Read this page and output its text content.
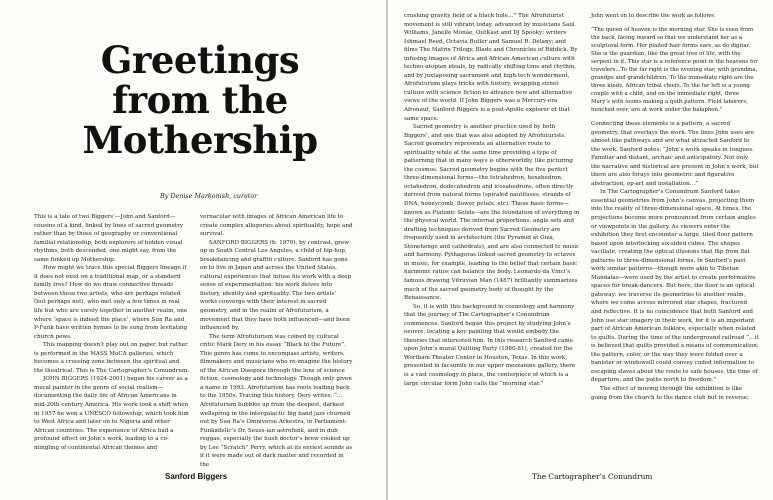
Greetings
from the
Mothership

By Denise Markonish, curator

This is a tale of two Biggers’—John and Sanford—cousins of a kind, linked by lines of sacred geometry rather than by those of geography or conventional familial relationship, both explorers of hidden visual rhythms, both descended, one might say, from the same funked up Mothership.

How might we trace this special Biggers lineage if it does not exist on a traditional map, or a standard family tree? How do we draw connective threads between these two artists, who are perhaps related (but perhaps not), who met only a few times in real life but who are surely together in another realm, one where ‘space is indeed the place’, where Sun Ra and P-Funk have written hymns to be sung from levitating church pews.

This mapping doesn’t play out on paper, but rather is performed in the MASS MoCA galleries, which becomes a crossing zone between the spiritual and the theatrical. This is The Cartographer’s Conundrum.

JOHN BIGGERS (1924-2001) began his career as a mural painter in the genre of social realism—documenting the daily life of African Americans in mid-20th century America. His work took a shift when in 1957 he won a UNESCO fellowship, which took him to West Africa and later on to Nigeria and other African countries. The experience of Africa had a profound effect on John’s work, leading to a co-mingling of continental African themes and

vernacular with images of African American life to create complex allegories about spirituality, hope and survival.

SANFORD BIGGERS (b. 1970), by contrast, grew up in South Central Los Angeles, a child of hip-hop, breakdancing and graffiti culture. Sanford has gone on to live in Japan and across the United States, cultural experiences that infuse his work with a deep sense of experimentation: his work delves into history, identity and spirituality. The two artists’ works converge with their interest in sacred geometry, and in the realm of Afrofuturism, a movement that they have both influenced—and been influenced by.

The term Afrofuturism was coined by cultural critic Mark Dery in his essay “Black to the Future”. This genre has come to encompass artists, writers, filmmakers and musicians who re-imagine the history of the African Diaspora through the lens of science fiction, cosmology and technology. Though only given a name in 1993, Afrofuturism has roots leading back to the 1950s. Tracing this history, Dery writes, “…Afrofuturism bubbles up from the deepest, darkest wellspring in the intergalactic big band jazz churned out by Sun Ra’s Omniverse Arkestra, in Parliament-Funkadelic’s Dr. Seuss-ian astrofunk, and in dub reggae, especially the hush doctor’s brew cooked up by Lee “Scratch” Perry, which at its eeriest sounds as if it were made out of dark matter and recorded in the

Sanford Biggers

crushing gravity field of a black hole…” The Afrofuturist movement is still vibrant today, advanced by musicians Saul Williams, Janelle Monáe, OutKast and DJ Spooky; writers Ishmael Reed, Octavia Butler and Samuel R. Delany; and films The Matrix Trilogy, Blade and Chronicles of Riddick. By infusing images of Africa and African American culture with techno-utopian ideals, by radically shifting time and rhythm, and by juxtaposing sacrament and high-tech wonderment, Afrofuturism plays tricks with history, wrapping street culture with science fiction to advance new and alternative views of the world. If John Biggers was a Mercury-era Afronaut, Sanford Biggers is a post-Apollo explorer of that same space.

Sacred geometry is another practice used by both Biggers’, and one that was also adopted by Afrofuturists. Sacred geometry represents an alternative route to spirituality while at the same time providing a type of patterning that in many ways is otherworldly, like picturing the cosmos. Sacred geometry begins with the five perfect three-dimensional forms—the tetrahedron, hexahedron, octahedron, dodecahedron and icosahedrons, often directly derived from natural forms (spiraled nautiluses, strands of DNA, honeycomb, flower petals, etc). These basic forms—known as Platonic Solids—are the foundation of everything in the physical world. The internal proportions, angle sets and drafting techniques derived from Sacred Geometry are frequently used in architecture (the Pyramid at Giza, Stonehenge and cathedrals), and are also connected to music and harmony. Pythagoras linked sacred geometry to octaves in music, for example, leading to the belief that certain basic harmonic ratios can balance the body. Leonardo da Vinci’s famous drawing Vitruvian Man (1487) brilliantly summarizes much of the sacred geometry body of thought by the Renaissance.

So, it is with this background in cosmology and harmony that the journey of The Cartographer’s Conundrum commences. Sanford began this project by studying John’s oeuvre, locating a key painting that would embody the theories that interested him. In this research Sanford came upon John’s mural Quilting Party (1980-81), created for the Wortham Theater Center in Houston, Texas. In this work, presented in facsimile in our upper mezzanine gallery, there is a vast cosmology in place, the centerpiece of which is a large circular form John calls the “morning star.”

John went on to describe the work as follows:

“The queen of heaven is the morning star. She is seen from the back, facing inward so that we understand her as a sculptural form. Her plaited hair forms ears, as do digitar. She is the guardian, like the great tree of life, with the serpent in it. This star is a reference point in the heavens for travelers...To the far right is the evening star, with grandma, grandpa and grandchildren. To the immediate right are the three kinds, African tribal chiefs. To the far left is a young couple with a child, and on the immediate right, three Mary’s with looms making a quilt pattern. Field laborers, hunched over, are at work under the balaphon.”

Connecting these elements is a pattern, a sacred geometry, that overlays the work. The lines John uses are almost like pathways and are what attracted Sanford to the work. Sanford notes: “John’s work speaks in tongues. Familiar and distant, archaic and anticipatory. Not only the narrative and historical are present in John’s work, but there are also forays into geometric and figurative abstraction, op-art and installation…”

In The Cartographer’s Conundrum Sanford takes essential geometries from John’s canvas, projecting them into the reality of three-dimensional space. At times, the projections become more pronounced from certain angles or viewpoints in the gallery. As viewers enter the exhibition they first encounter a large, tiled floor pattern based upon interlocking six-sided cubes. The shapes vacillate, creating the optical illusions that flip from flat patterns to three-dimensional forms. In Sanford’s past work similar patterns—though more akin to Tibetan Mandalas—were used by the artist to create performative spaces for break-dancers. But here, the floor is an optical gateway: we traverse its geometries to another realm, where we come across mirrored star shapes, fractured and reflective. It is no coincidence that both Sanford and John use star imagery in their work, for it is an important part of African American folklore, especially when related to quilts. During the time of the underground railroad “…it is believed that quilts provided a means of communication: the pattern, color, or the way they were folded over a banister or windowsill could convey coded information to escaping slaves about the route to safe houses, the time of departure, and the paths north to freedom.”

The effect of moving through the exhibition is like going from the church to the dance club but in reverse;

The Cartographer’s Conundrum
